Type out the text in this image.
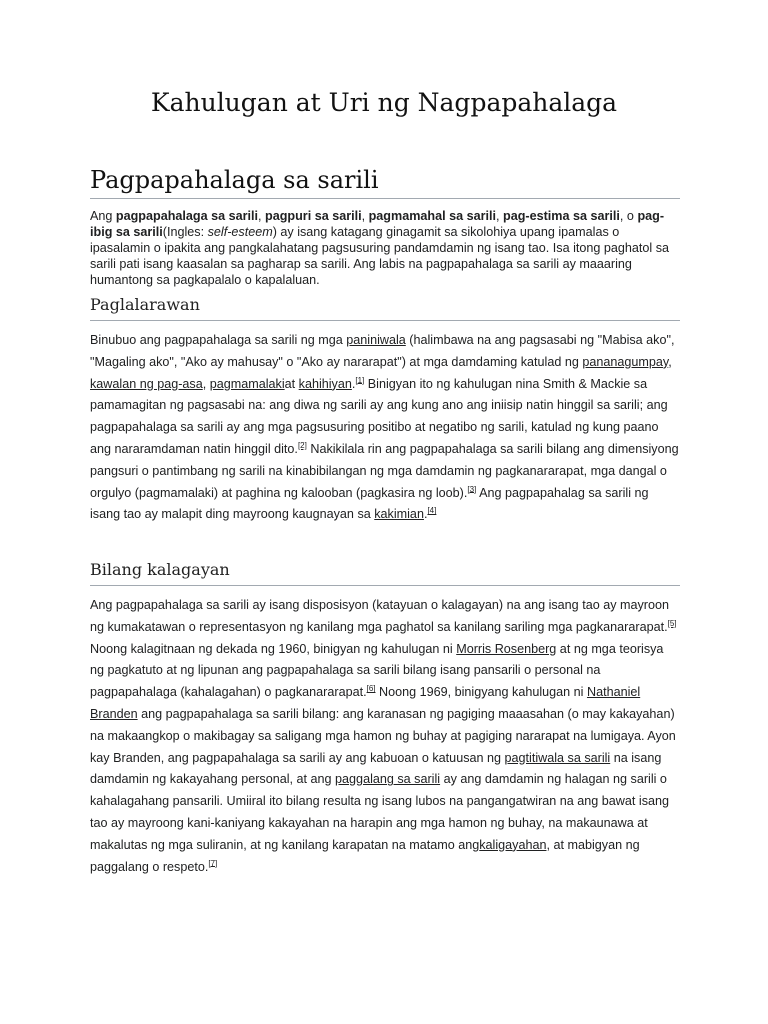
Kahulugan at Uri ng Nagpapahalaga
Pagpapahalaga sa sarili

Ang pagpapahalaga sa sarili, pagpuri sa sarili, pagmamahal sa sarili, pag-estima sa sarili, o pag-ibig sa sarili(Ingles: self-esteem) ay isang katagang ginagamit sa sikolohiya upang ipamalas o ipasalamin o ipakita ang pangkalahatang pagsusuring pandamdamin ng isang tao. Isa itong paghatol sa sarili pati isang kaasalan sa pagharap sa sarili. Ang labis na pagpapahalaga sa sarili ay maaaring humantong sa pagkapalalo o kapalaluan.

Paglalarawan

Binubuo ang pagpapahalaga sa sarili ng mga paniniwala (halimbawa na ang pagsasabi ng "Mabisa ako", "Magaling ako", "Ako ay mahusay" o "Ako ay nararapat") at mga damdaming katulad ng pananagumpay, kawalan ng pag-asa, pagmamalakiat kahihiyan.[1] Binigyan ito ng kahulugan nina Smith & Mackie sa pamamagitan ng pagsasabi na: ang diwa ng sarili ay ang kung ano ang iniisip natin hinggil sa sarili; ang pagpapahalaga sa sarili ay ang mga pagsusuring positibo at negatibo ng sarili, katulad ng kung paano ang nararamdaman natin hinggil dito.[2] Nakikilala rin ang pagpapahalaga sa sarili bilang ang dimensiyong pangsuri o pantimbang ng sarili na kinabibilangan ng mga damdamin ng pagkanararapat, mga dangal o orgulyo (pagmamalaki) at paghina ng kalooban (pagkasira ng loob).[3] Ang pagpapahalag sa sarili ng isang tao ay malapit ding mayroong kaugnayan sa kakimian.[4]

Bilang kalagayan

Ang pagpapahalaga sa sarili ay isang disposisyon (katayuan o kalagayan) na ang isang tao ay mayroon ng kumakatawan o representasyon ng kanilang mga paghatol sa kanilang sariling mga pagkanararapat.[5] Noong kalagitnaan ng dekada ng 1960, binigyan ng kahulugan ni Morris Rosenberg at ng mga teorisya ng pagkatuto at ng lipunan ang pagpapahalaga sa sarili bilang isang pansarili o personal na pagpapahalaga (kahalagahan) o pagkanararapat.[6] Noong 1969, binigyang kahulugan ni Nathaniel Branden ang pagpapahalaga sa sarili bilang: ang karanasan ng pagiging maaasahan (o may kakayahan) na makaangkop o makibagay sa saligang mga hamon ng buhay at pagiging nararapat na lumigaya. Ayon kay Branden, ang pagpapahalaga sa sarili ay ang kabuoan o katuusan ng pagtitiwala sa sarili na isang damdamin ng kakayahang personal, at ang paggalang sa sarili ay ang damdamin ng halagan ng sarili o kahalagahang pansarili. Umiiral ito bilang resulta ng isang lubos na pangangatwiran na ang bawat isang tao ay mayroong kani-kaniyang kakayahan na harapin ang mga hamon ng buhay, na makaunawa at makalutas ng mga suliranin, at ng kanilang karapatan na matamo angkaligayahan, at mabigyan ng paggalang o respeto.[7]
